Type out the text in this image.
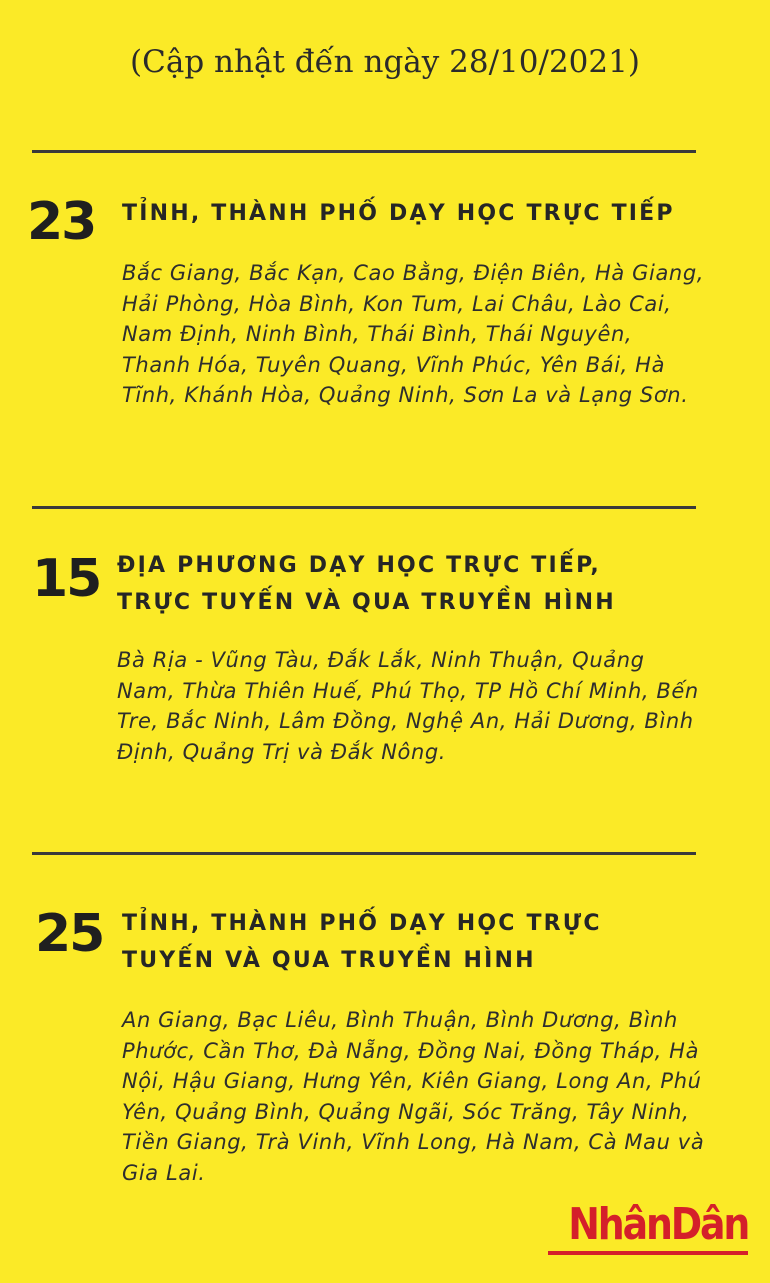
(Cập nhật đến ngày 28/10/2021)
23 TỈNH, THÀNH PHỐ DẠY HỌC TRỰC TIẾP
Bắc Giang, Bắc Kạn, Cao Bằng, Điện Biên, Hà Giang, Hải Phòng, Hòa Bình, Kon Tum, Lai Châu, Lào Cai, Nam Định, Ninh Bình, Thái Bình, Thái Nguyên, Thanh Hóa, Tuyên Quang, Vĩnh Phúc, Yên Bái, Hà Tĩnh, Khánh Hòa, Quảng Ninh, Sơn La và Lạng Sơn.
15 ĐỊA PHƯƠNG DẠY HỌC TRỰC TIẾP, TRỰC TUYẾN VÀ QUA TRUYỀN HÌNH
Bà Rịa - Vũng Tàu, Đắk Lắk, Ninh Thuận, Quảng Nam, Thừa Thiên Huế, Phú Thọ, TP Hồ Chí Minh, Bến Tre, Bắc Ninh, Lâm Đồng, Nghệ An, Hải Dương, Bình Định, Quảng Trị và Đắk Nông.
25 TỈNH, THÀNH PHỐ DẠY HỌC TRỰC TUYẾN VÀ QUA TRUYỀN HÌNH
An Giang, Bạc Liêu, Bình Thuận, Bình Dương, Bình Phước, Cần Thơ, Đà Nẵng, Đồng Nai, Đồng Tháp, Hà Nội, Hậu Giang, Hưng Yên, Kiên Giang, Long An, Phú Yên, Quảng Bình, Quảng Ngãi, Sóc Trăng, Tây Ninh, Tiền Giang, Trà Vinh, Vĩnh Long, Hà Nam, Cà Mau và Gia Lai.
NhânDân
